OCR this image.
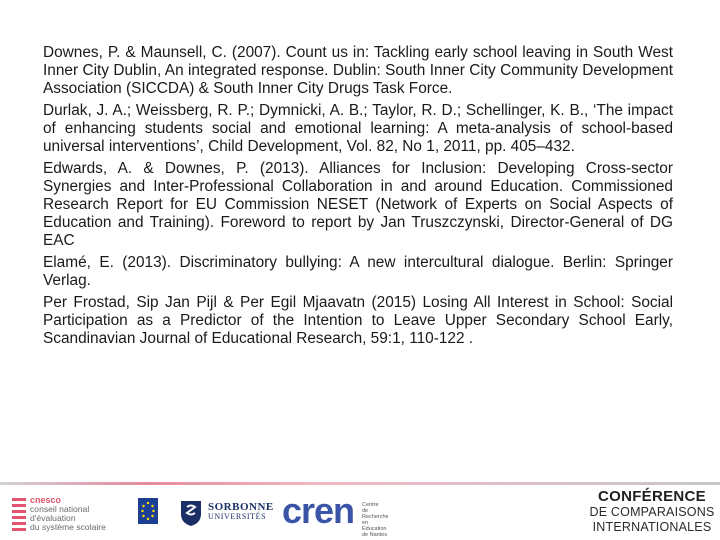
Downes, P. & Maunsell, C. (2007). Count us in: Tackling early school leaving in South West Inner City Dublin, An integrated response. Dublin: South Inner City Community Development Association (SICCDA) & South Inner City Drugs Task Force.
Durlak, J. A.; Weissberg, R. P.; Dymnicki, A. B.; Taylor, R. D.; Schellinger, K. B., ‘The impact of enhancing students social and emotional learning: A meta-analysis of school-based universal interventions’, Child Development, Vol. 82, No 1, 2011, pp. 405–432.
Edwards, A. & Downes, P. (2013). Alliances for Inclusion: Developing Cross-sector Synergies and Inter-Professional Collaboration in and around Education. Commissioned Research Report for EU Commission NESET (Network of Experts on Social Aspects of Education and Training). Foreword to report by Jan Truszczynski, Director-General of DG EAC
Elamé, E. (2013). Discriminatory bullying: A new intercultural dialogue. Berlin: Springer Verlag.
Per Frostad, Sip Jan Pijl & Per Egil Mjaavatn (2015) Losing All Interest in School: Social Participation as a Predictor of the Intention to Leave Upper Secondary School Early, Scandinavian Journal of Educational Research, 59:1, 110-122 .
cnesco
conseil national
d'évaluation
du système scolaire
SORBONNE
UNIVERSITÉS cren Centre
de Recherche
en Éducation
de Nantes
CONFÉRENCE
DE COMPARAISONS
INTERNATIONALES
